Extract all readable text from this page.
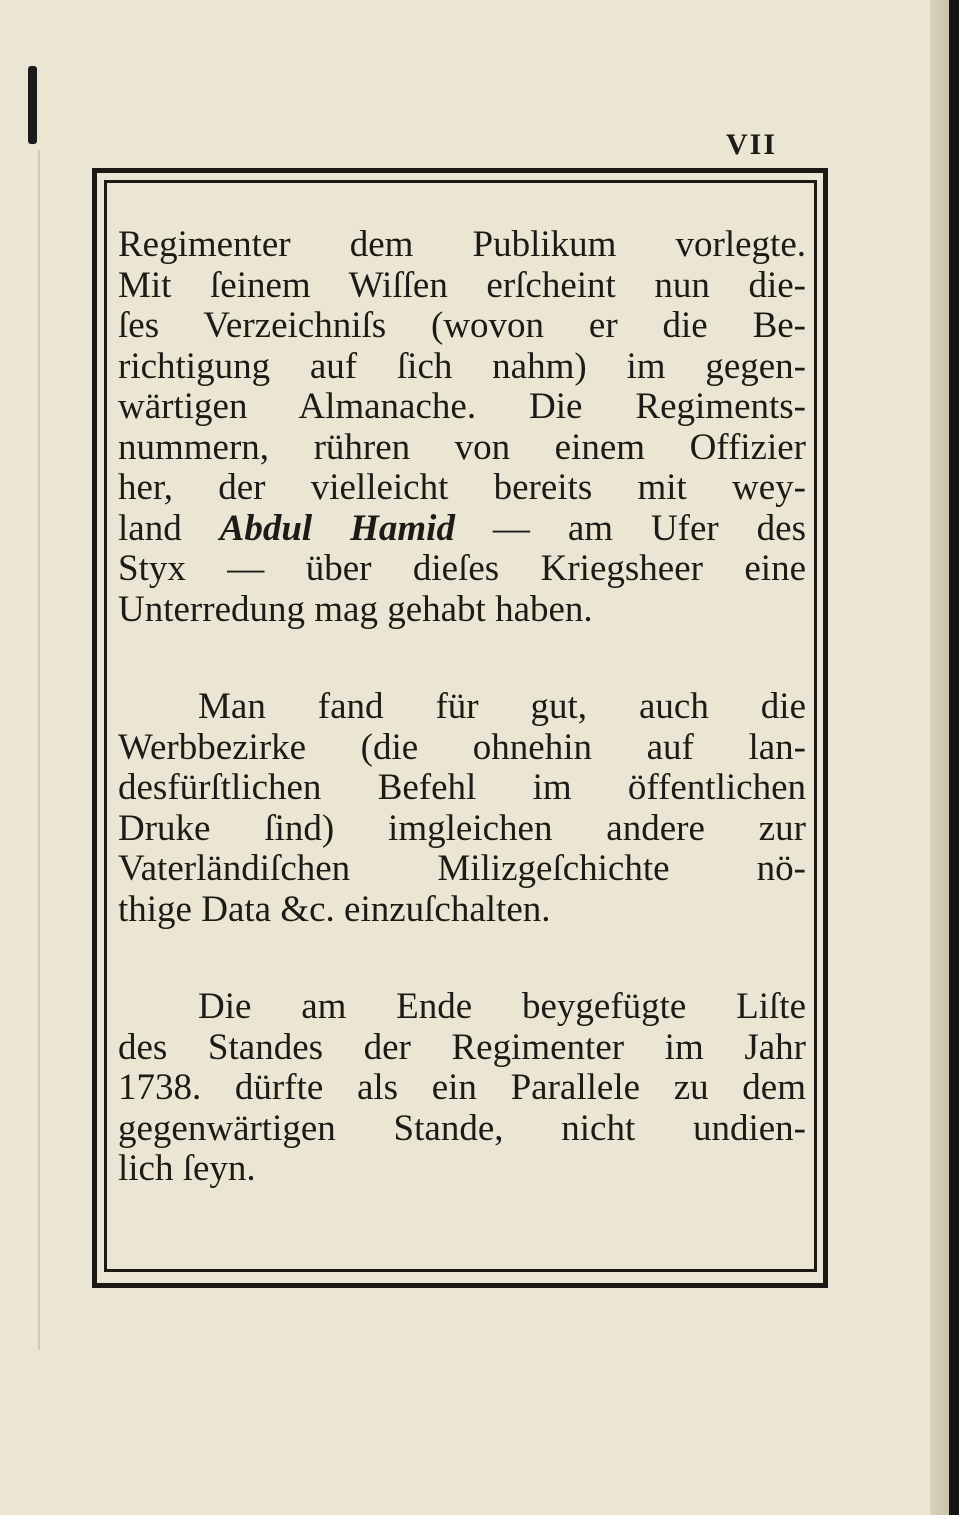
VII
Regimenter dem Publikum vorlegte.
Mit ſeinem Wiſſen erſcheint nun die-
ſes Verzeichniſs (wovon er die Be-
richtigung auf ſich nahm) im gegen-
wärtigen Almanache. Die Regiments-
nummern, rühren von einem Offizier
her, der vielleicht bereits mit wey-
land Abdul Hamid — am Ufer des
Styx — über dieſes Kriegsheer eine
Unterredung mag gehabt haben.
Man fand für gut, auch die
Werbbezirke (die ohnehin auf lan-
desfürſtlichen Befehl im öffentlichen
Druke ſind) imgleichen andere zur
Vaterländiſchen Milizgeſchichte nö-
thige Data &c. einzuſchalten.
Die am Ende beygefügte Liſte
des Standes der Regimenter im Jahr
1738. dürfte als ein Parallele zu dem
gegenwärtigen Stande, nicht undien-
lich ſeyn.
